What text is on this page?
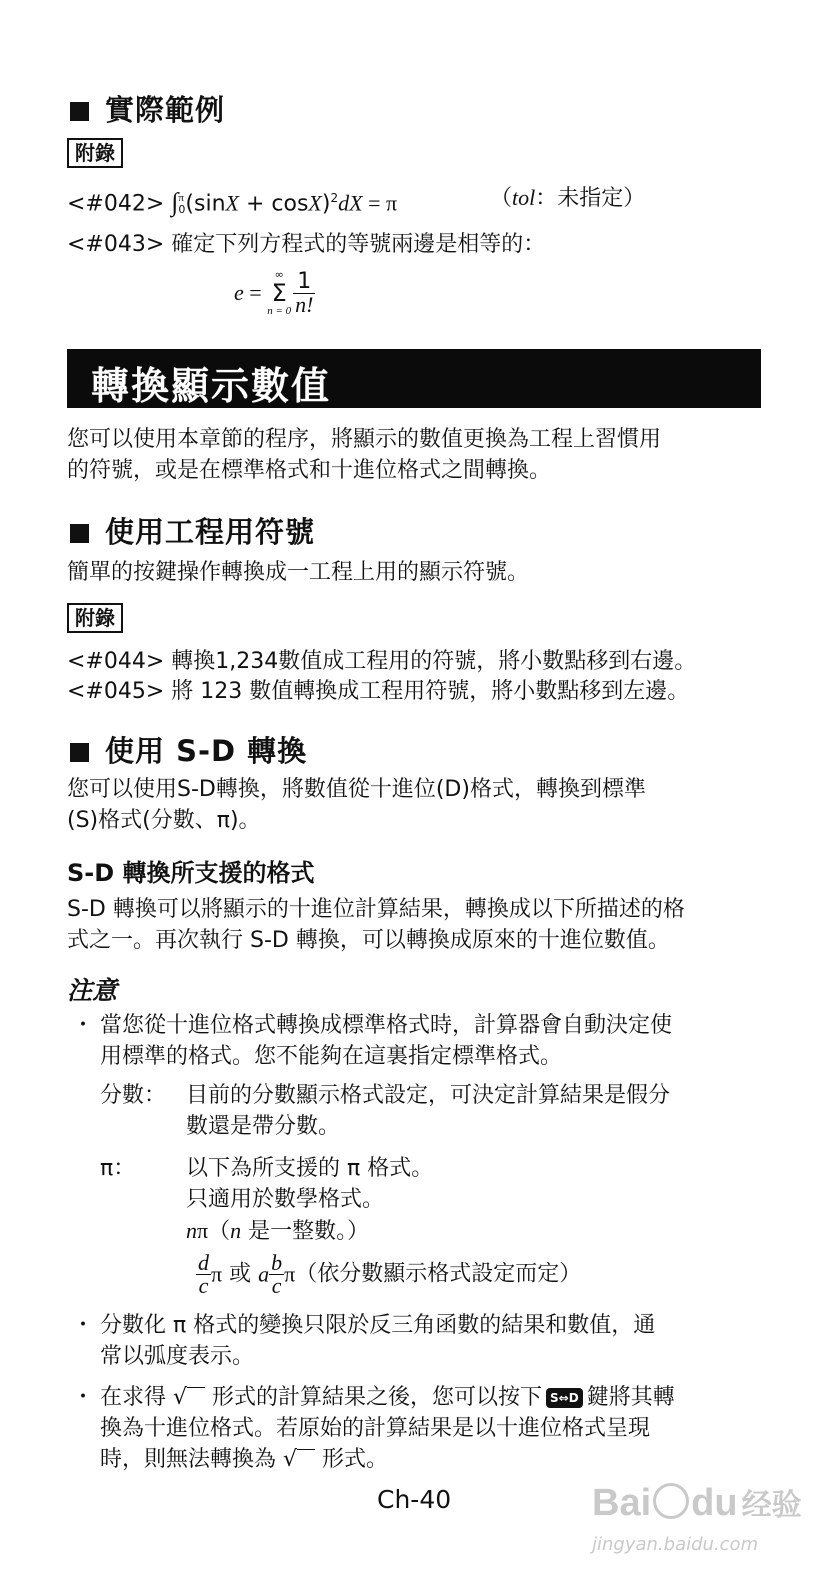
實際範例
附錄
<#042> ∫ π
0 $(\sin X + \cos X)^2dX = \pi$	（tol：未指定）
<#043> 確定下列方程式的等號兩邊是相等的：
e =
∞
Σ
$n = 0 \frac{1}{n!}$
轉換顯示數值
您可以使用本章節的程序，將顯示的數值更換為工程上習慣用
的符號，或是在標準格式和十進位格式之間轉換。
使用工程用符號
簡單的按鍵操作轉換成一工程上用的顯示符號。
附錄
<#044> 轉換1,234數值成工程用的符號，將小數點移到右邊。
<#045> 將 123 數值轉換成工程用符號，將小數點移到左邊。
使用 S-D 轉換
您可以使用S-D轉換，將數值從十進位(D)格式，轉換到標準
(S)格式(分數、π)。
S-D 轉換所支援的格式
S-D 轉換可以將顯示的十進位計算結果，轉換成以下所描述的格
式之一。再次執行 S-D 轉換，可以轉換成原來的十進位數值。
注意
・ 當您從十進位格式轉換成標準格式時，計算器會自動決定使
用標準的格式。您不能夠在這裏指定標準格式。
分數： 目前的分數顯示格式設定，可決定計算結果是假分
數還是帶分數。
π： 以下為所支援的 π 格式。
只適用於數學格式。
nπ（n 是一整數。）
$\frac{d}{c}$ π 或 a $\frac{b}{c} \pi$（依分數顯示格式設定而定）
・ 分數化 π 格式的變換只限於反三角函數的結果和數值，通
常以弧度表示。
・ 在求得 √ 形式的計算結果之後，您可以按下 S⇔D 鍵將其轉
換為十進位格式。若原始的計算結果是以十進位格式呈現
時，則無法轉換為 √ 形式。
Ch-40	Bai du 经验
jingyan.baidu.com
